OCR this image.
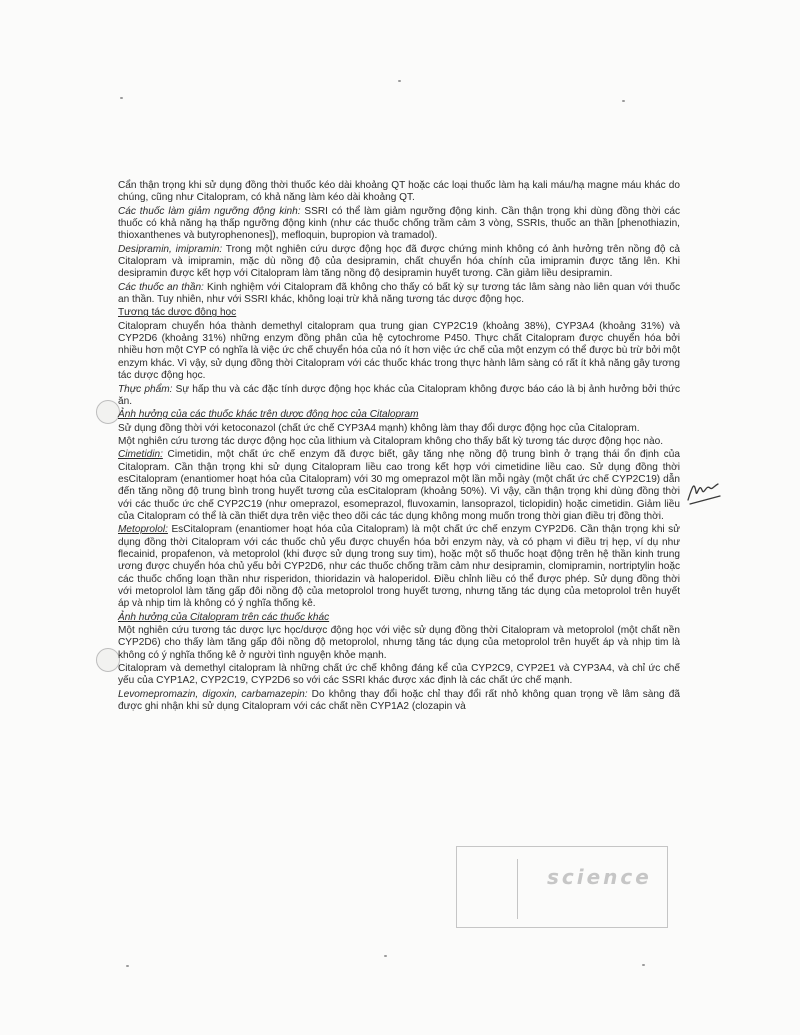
science

Cẩn thận trọng khi sử dụng đồng thời thuốc kéo dài khoảng QT hoặc các loại thuốc làm hạ kali máu/hạ magne máu khác do chúng, cũng như Citalopram, có khả năng làm kéo dài khoảng QT.

Các thuốc làm giảm ngưỡng động kinh: SSRI có thể làm giảm ngưỡng động kinh. Cần thận trọng khi dùng đồng thời các thuốc có khả năng hạ thấp ngưỡng động kinh (như các thuốc chống trầm cảm 3 vòng, SSRIs, thuốc an thần [phenothiazin, thioxanthenes và butyrophenones]), mefloquin, bupropion và tramadol).

Desipramin, imipramin: Trong một nghiên cứu dược động học đã được chứng minh không có ảnh hưởng trên nồng độ cả Citalopram và imipramin, mặc dù nồng độ của desipramin, chất chuyển hóa chính của imipramin được tăng lên. Khi desipramin được kết hợp với Citalopram làm tăng nồng độ desipramin huyết tương. Cần giảm liều desipramin.

Các thuốc an thần: Kinh nghiệm với Citalopram đã không cho thấy có bất kỳ sự tương tác lâm sàng nào liên quan với thuốc an thần. Tuy nhiên, như với SSRI khác, không loại trừ khả năng tương tác dược động học.

Tương tác dược động học

Citalopram chuyển hóa thành demethyl citalopram qua trung gian CYP2C19 (khoảng 38%), CYP3A4 (khoảng 31%) và CYP2D6 (khoảng 31%) những enzym đồng phân của hệ cytochrome P450. Thực chất Citalopram được chuyển hóa bởi nhiều hơn một CYP có nghĩa là việc ức chế chuyển hóa của nó ít hơn việc ức chế của một enzym có thể được bù trừ bởi một enzym khác. Vì vậy, sử dụng đồng thời Citalopram với các thuốc khác trong thực hành lâm sàng có rất ít khả năng gây tương tác dược động học.

Thực phẩm: Sự hấp thu và các đặc tính dược động học khác của Citalopram không được báo cáo là bị ảnh hưởng bởi thức ăn.

Ảnh hưởng của các thuốc khác trên dược động học của Citalopram

Sử dụng đồng thời với ketoconazol (chất ức chế CYP3A4 mạnh) không làm thay đổi dược động học của Citalopram.

Một nghiên cứu tương tác dược động học của lithium và Citalopram không cho thấy bất kỳ tương tác dược động học nào.

Cimetidin: Cimetidin, một chất ức chế enzym đã được biết, gây tăng nhẹ nồng độ trung bình ở trạng thái ổn định của Citalopram. Cần thận trọng khi sử dụng Citalopram liều cao trong kết hợp với cimetidine liều cao. Sử dụng đồng thời esCitalopram (enantiomer hoạt hóa của Citalopram) với 30 mg omeprazol một lần mỗi ngày (một chất ức chế CYP2C19) dẫn đến tăng nồng độ trung bình trong huyết tương của esCitalopram (khoảng 50%). Vì vậy, cần thận trọng khi dùng đồng thời với các thuốc ức chế CYP2C19 (như omeprazol, esomeprazol, fluvoxamin, lansoprazol, ticlopidin) hoặc cimetidin. Giảm liều của Citalopram có thể là cần thiết dựa trên việc theo dõi các tác dụng không mong muốn trong thời gian điều trị đồng thời.

Metoprolol: EsCitalopram (enantiomer hoạt hóa của Citalopram) là một chất ức chế enzym CYP2D6. Cần thận trọng khi sử dụng đồng thời Citalopram với các thuốc chủ yếu được chuyển hóa bởi enzym này, và có phạm vi điều trị hẹp, ví dụ như flecainid, propafenon, và metoprolol (khi được sử dụng trong suy tim), hoặc một số thuốc hoạt động trên hệ thần kinh trung ương được chuyển hóa chủ yếu bởi CYP2D6, như các thuốc chống trầm cảm như desipramin, clomipramin, nortriptylin hoặc các thuốc chống loạn thần như risperidon, thioridazin và haloperidol. Điều chỉnh liều có thể được phép. Sử dụng đồng thời với metoprolol làm tăng gấp đôi nồng độ của metoprolol trong huyết tương, nhưng tăng tác dụng của metoprolol trên huyết áp và nhịp tim là không có ý nghĩa thống kê.

Ảnh hưởng của Citalopram trên các thuốc khác

Một nghiên cứu tương tác dược lực học/dược động học với việc sử dụng đồng thời Citalopram và metoprolol (một chất nền CYP2D6) cho thấy làm tăng gấp đôi nồng độ metoprolol, nhưng tăng tác dụng của metoprolol trên huyết áp và nhịp tim là không có ý nghĩa thống kê ở người tình nguyện khỏe mạnh.

Citalopram và demethyl citalopram là những chất ức chế không đáng kể của CYP2C9, CYP2E1 và CYP3A4, và chỉ ức chế yếu của CYP1A2, CYP2C19, CYP2D6 so với các SSRI khác được xác định là các chất ức chế mạnh.

Levomepromazin, digoxin, carbamazepin: Do không thay đổi hoặc chỉ thay đổi rất nhỏ không quan trọng về lâm sàng đã được ghi nhận khi sử dụng Citalopram với các chất nền CYP1A2 (clozapin và
